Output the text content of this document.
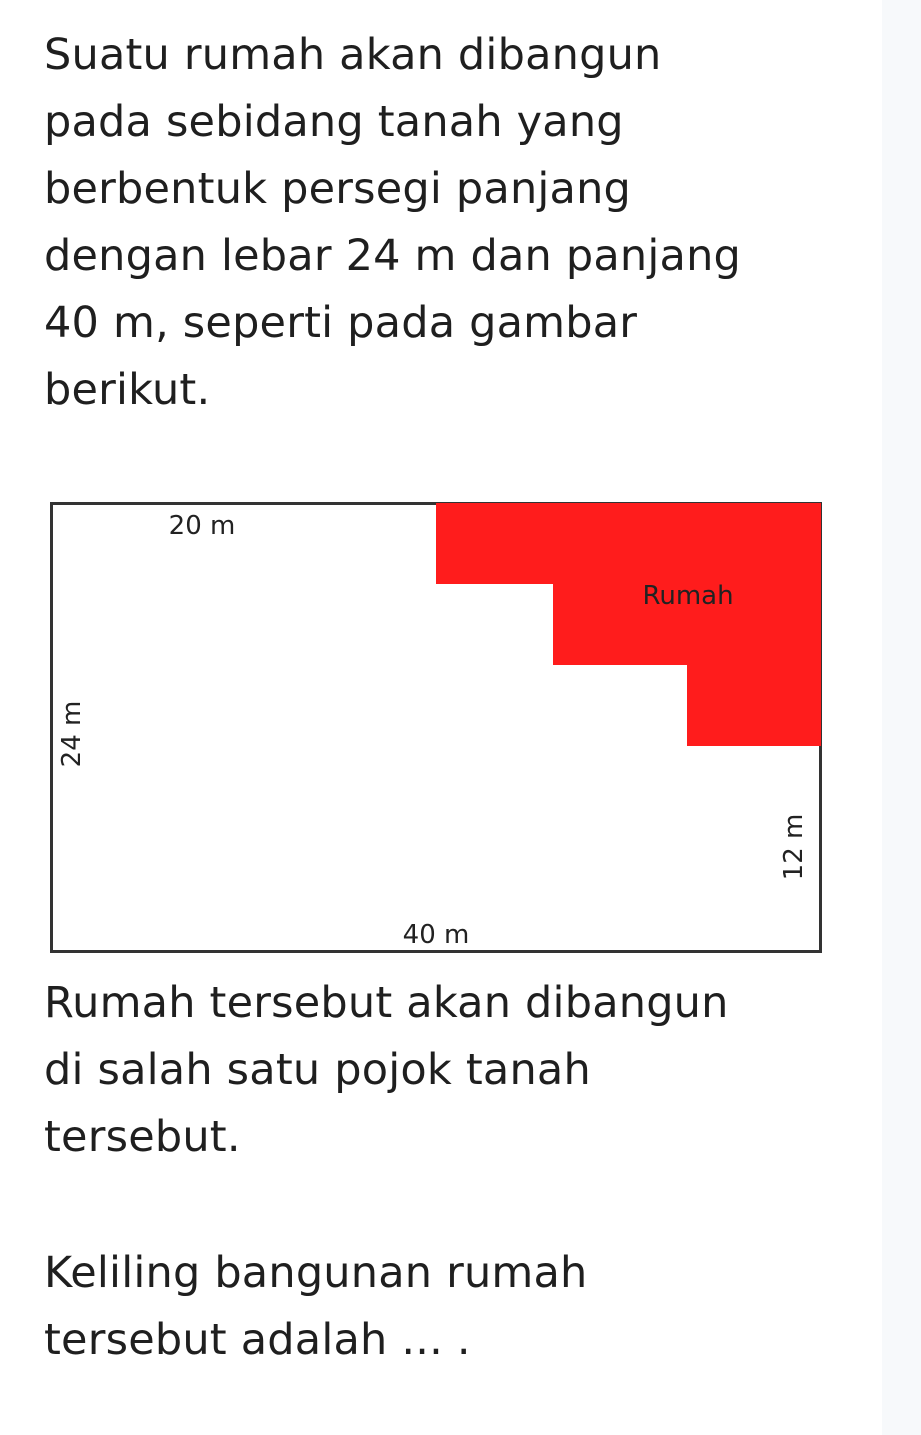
Suatu rumah akan dibangun
pada sebidang tanah yang
berbentuk persegi panjang
dengan lebar 24 m dan panjang
40 m, seperti pada gambar
berikut.

20 m
Rumah
24 m
12 m
40 m

Rumah tersebut akan dibangun
di salah satu pojok tanah
tersebut.

Keliling bangunan rumah
tersebut adalah ... .
